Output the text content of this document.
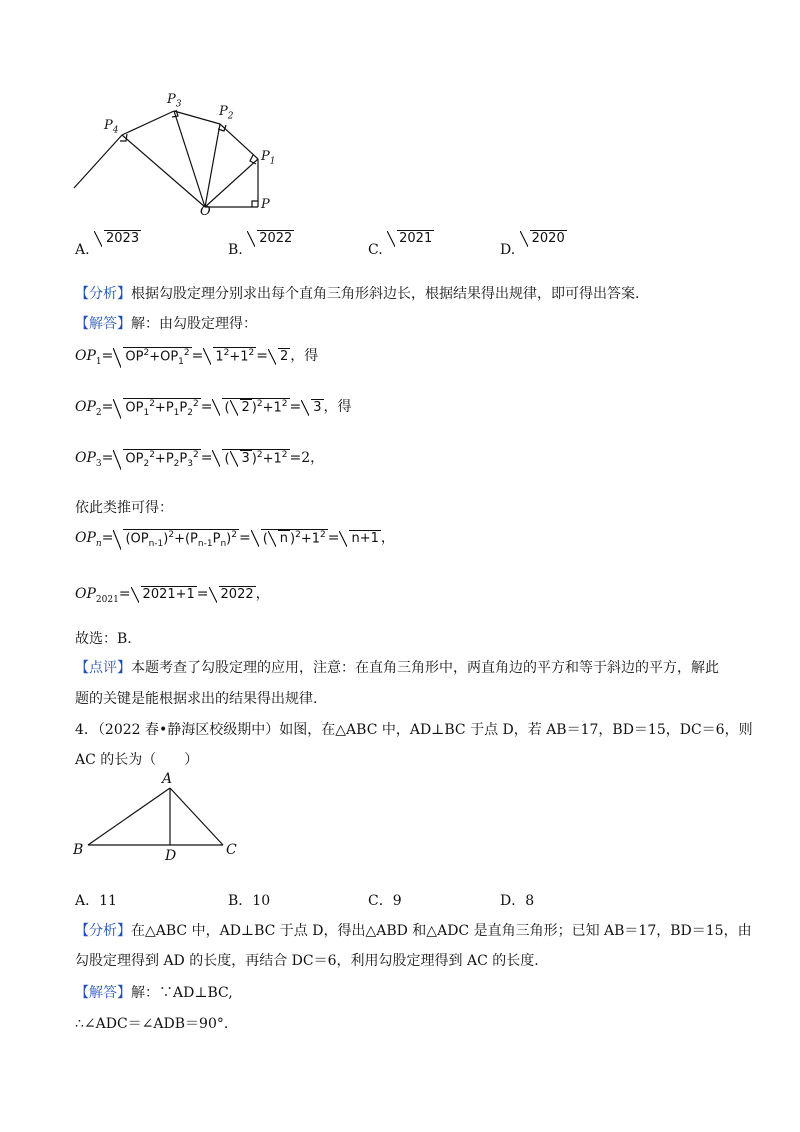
$P_4$
$P_3$	$P_2$
$P_1$
O	P
A. 2023
B. 2022
C. 2021
D. 2020
【分析】根据勾股定理分别求出每个直角三角形斜边长，根据结果得出规律，即可得出答案.
【解答】解：由勾股定理得：
$OP_1= OP^2+OP_1^2 = 1^2+1^2 = 2$ ，得
$OP_2= OP_1^2+P_1P_2^2$ = ( 2 )$^2+1^2 = 3$ ，得
$OP_3= OP_2^2+P_2P_3^2$ = ( 3 )$^2+1^2 =2$，
依此类推可得：
$OP_n= (OP_{n-1})^2+(P_{n-1}P_n)^2$ = ( n )$^2+1^2 = n+1$ ，
$OP_{2021}= 2021+1 = 2022$ ，
故选：B.
【点评】本题考查了勾股定理的应用，注意：在直角三角形中，两直角边的平方和等于斜边的平方，解此
题的关键是能根据求出的结果得出规律.
4．（2022 春•静海区校级期中）如图，在△ABC 中，AD⊥BC 于点 D，若 AB＝17，BD＝15，DC＝6，则
AC 的长为（　　）
A
B	D	C
A．11	B．10	C．9	D．8
【分析】在△ABC 中，AD⊥BC 于点 D，得出△ABD 和△ADC 是直角三角形；已知 AB＝17，BD＝15，由
勾股定理得到 AD 的长度，再结合 DC＝6，利用勾股定理得到 AC 的长度.
【解答】解：∵AD⊥BC,
∴∠ADC＝∠ADB＝90°.
